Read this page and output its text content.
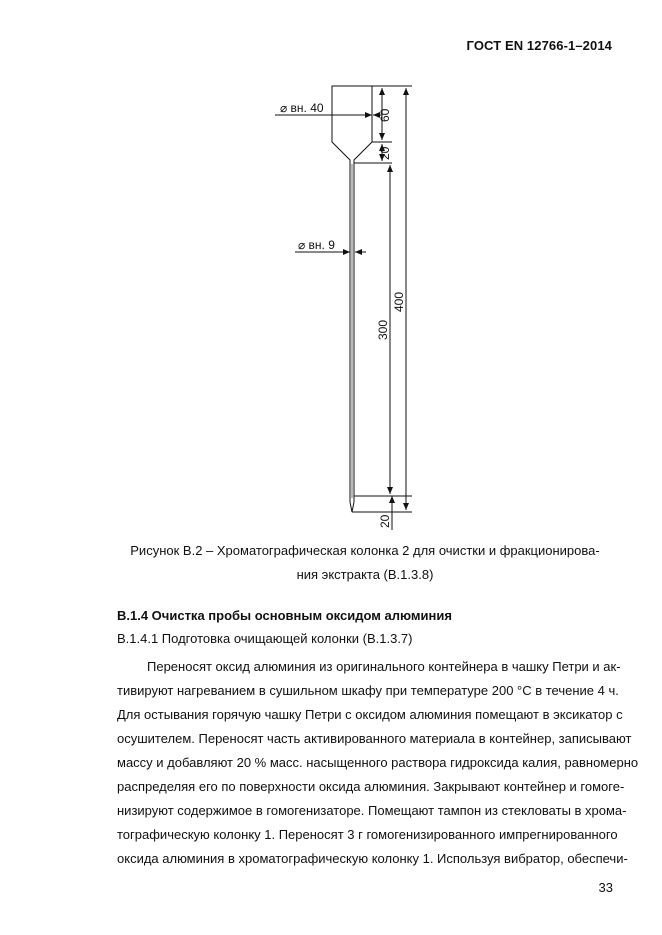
ГОСТ EN 12766-1–2014
⌀ вн. 40
⌀ вн. 9
60
20
300
400
20
Рисунок В.2 – Хроматографическая колонка 2 для очистки и фракционирова-
ния экстракта (В.1.3.8)
В.1.4 Очистка пробы основным оксидом алюминия
В.1.4.1 Подготовка очищающей колонки (В.1.3.7)
Переносят оксид алюминия из оригинального контейнера в чашку Петри и ак-
тивируют нагреванием в сушильном шкафу при температуре 200 °С в течение 4 ч.
Для остывания горячую чашку Петри с оксидом алюминия помещают в эксикатор с
осушителем. Переносят часть активированного материала в контейнер, записывают
массу и добавляют 20 % масс. насыщенного раствора гидроксида калия, равномерно
распределяя его по поверхности оксида алюминия. Закрывают контейнер и гомоге-
низируют содержимое в гомогенизаторе. Помещают тампон из стекловаты в хрома-
тографическую колонку 1. Переносят 3 г гомогенизированного импрегнированного
оксида алюминия в хроматографическую колонку 1. Используя вибратор, обеспечи-
33
